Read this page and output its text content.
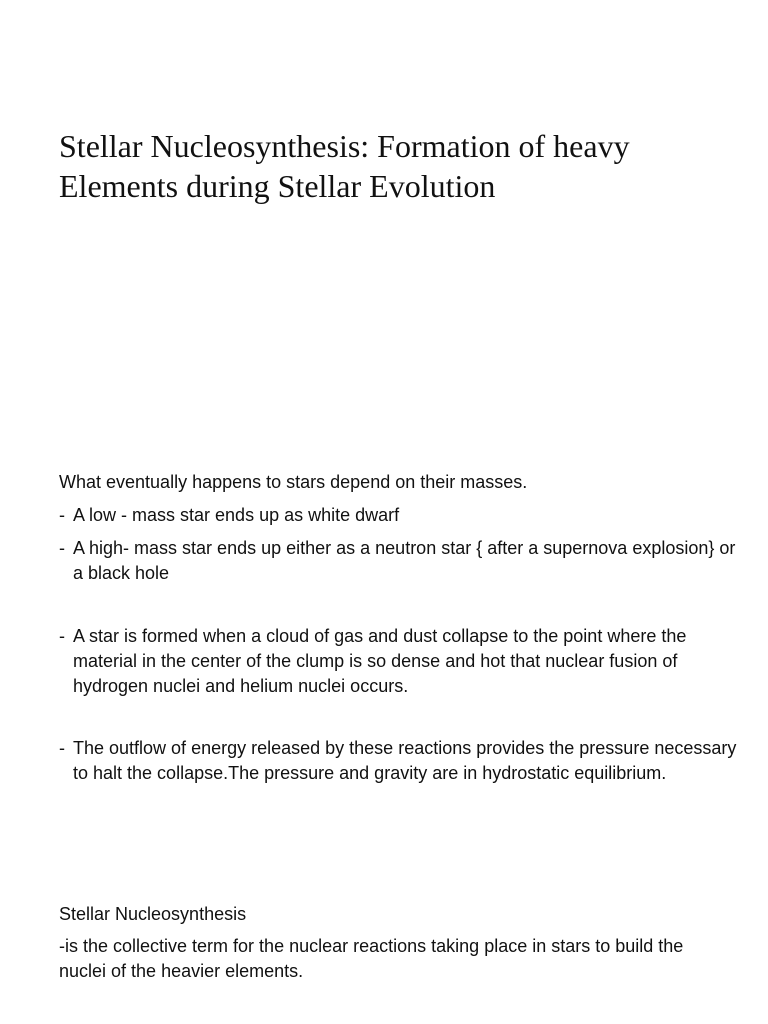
Stellar Nucleosynthesis: Formation of heavy Elements during Stellar Evolution

What eventually happens to stars depend on their masses.

- A low - mass star ends up as white dwarf
- A high- mass star ends up either as a neutron star { after a supernova explosion} or a black hole
- A star is formed when a cloud of gas and dust collapse to the point where the material in the center of the clump is so dense and hot that nuclear fusion of hydrogen nuclei and helium nuclei occurs.
- The outflow of energy released by these reactions provides the pressure necessary to halt the collapse.The pressure and gravity are in hydrostatic equilibrium.

Stellar Nucleosynthesis

-is the collective term for the nuclear reactions taking place in stars to build the nuclei of the heavier elements.
